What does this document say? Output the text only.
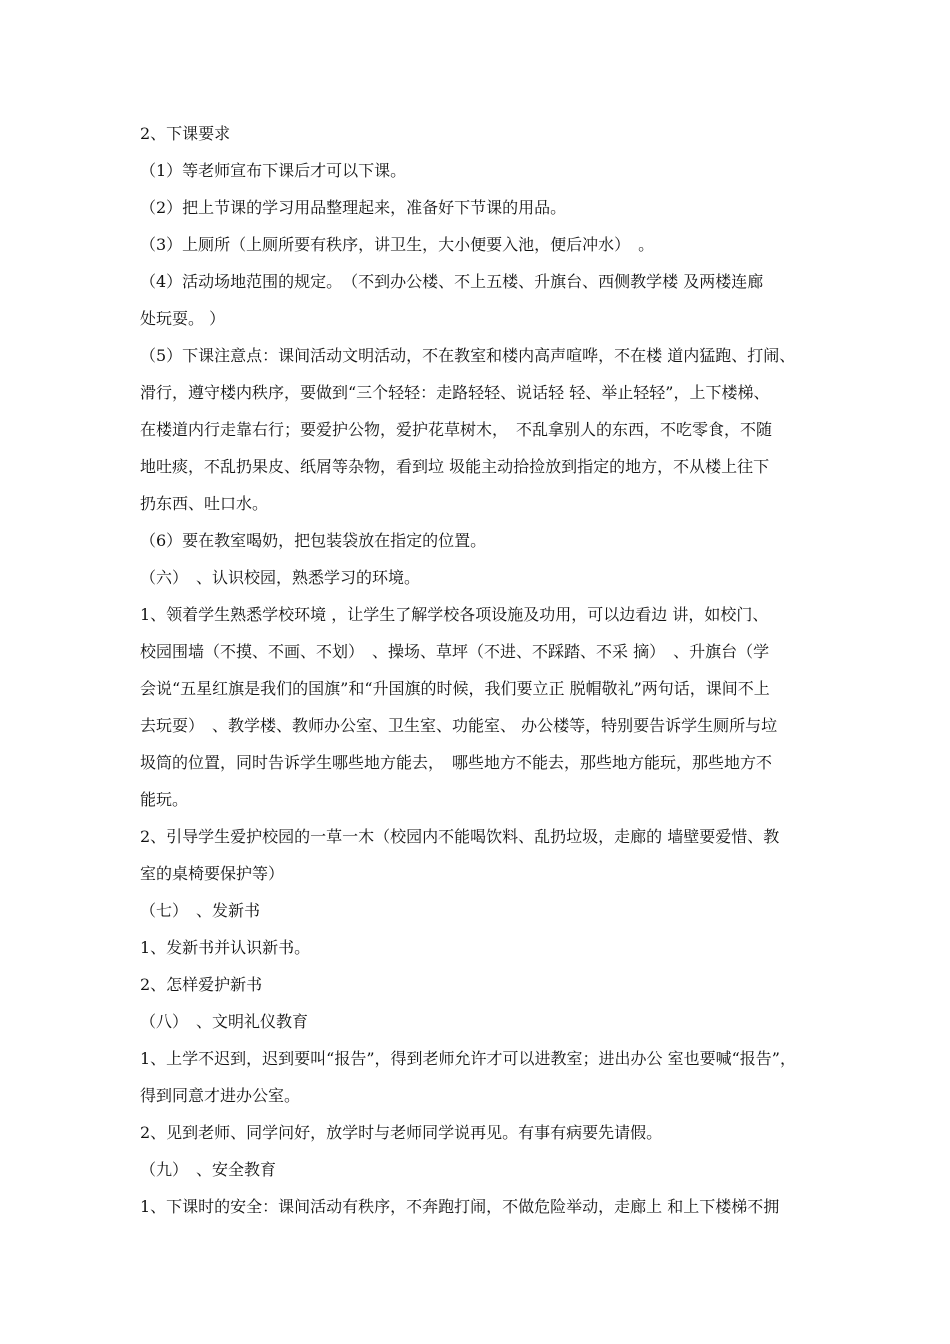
2、下课要求
（1）等老师宣布下课后才可以下课。
（2）把上节课的学习用品整理起来，准备好下节课的用品。
（3）上厕所（上厕所要有秩序，讲卫生，大小便要入池，便后冲水）　。
（4）活动场地范围的规定。　（不到办公楼、不上五楼、升旗台、西侧教学楼 及两楼连廊
处玩耍。 ）
（5）下课注意点：课间活动文明活动，不在教室和楼内高声喧哗，不在楼 道内猛跑、打闹、
滑行，遵守楼内秩序，要做到“三个轻轻：走路轻轻、说话轻 轻、举止轻轻”，上下楼梯、
在楼道内行走靠右行；要爱护公物，爱护花草树木，　不乱拿别人的东西，不吃零食，不随
地吐痰，不乱扔果皮、纸屑等杂物，看到垃 圾能主动拾捡放到指定的地方，不从楼上往下
扔东西、吐口水。
（6）要在教室喝奶，把包装袋放在指定的位置。
（六）　、认识校园，熟悉学习的环境。
1、领着学生熟悉学校环境 ，让学生了解学校各项设施及功用，可以边看边 讲，如校门、
校园围墙（不摸、不画、不划）　、操场、草坪（不进、不踩踏、不采 摘）　、升旗台（学
会说“五星红旗是我们的国旗”和“升国旗的时候，我们要立正 脱帽敬礼”两句话，课间不上
去玩耍）　、教学楼、教师办公室、卫生室、功能室、 办公楼等，特别要告诉学生厕所与垃
圾筒的位置，同时告诉学生哪些地方能去，　哪些地方不能去，那些地方能玩，那些地方不
能玩。
2、引导学生爱护校园的一草一木（校园内不能喝饮料、乱扔垃圾，走廊的 墙壁要爱惜、教
室的桌椅要保护等）
（七）　、发新书
1、发新书并认识新书。
2、怎样爱护新书
（八）　、文明礼仪教育
1、上学不迟到，迟到要叫“报告”，得到老师允许才可以进教室；进出办公 室也要喊“报告”，
得到同意才进办公室。
2、见到老师、同学问好，放学时与老师同学说再见。有事有病要先请假。
（九）　、安全教育
1、下课时的安全：课间活动有秩序，不奔跑打闹，不做危险举动，走廊上 和上下楼梯不拥
